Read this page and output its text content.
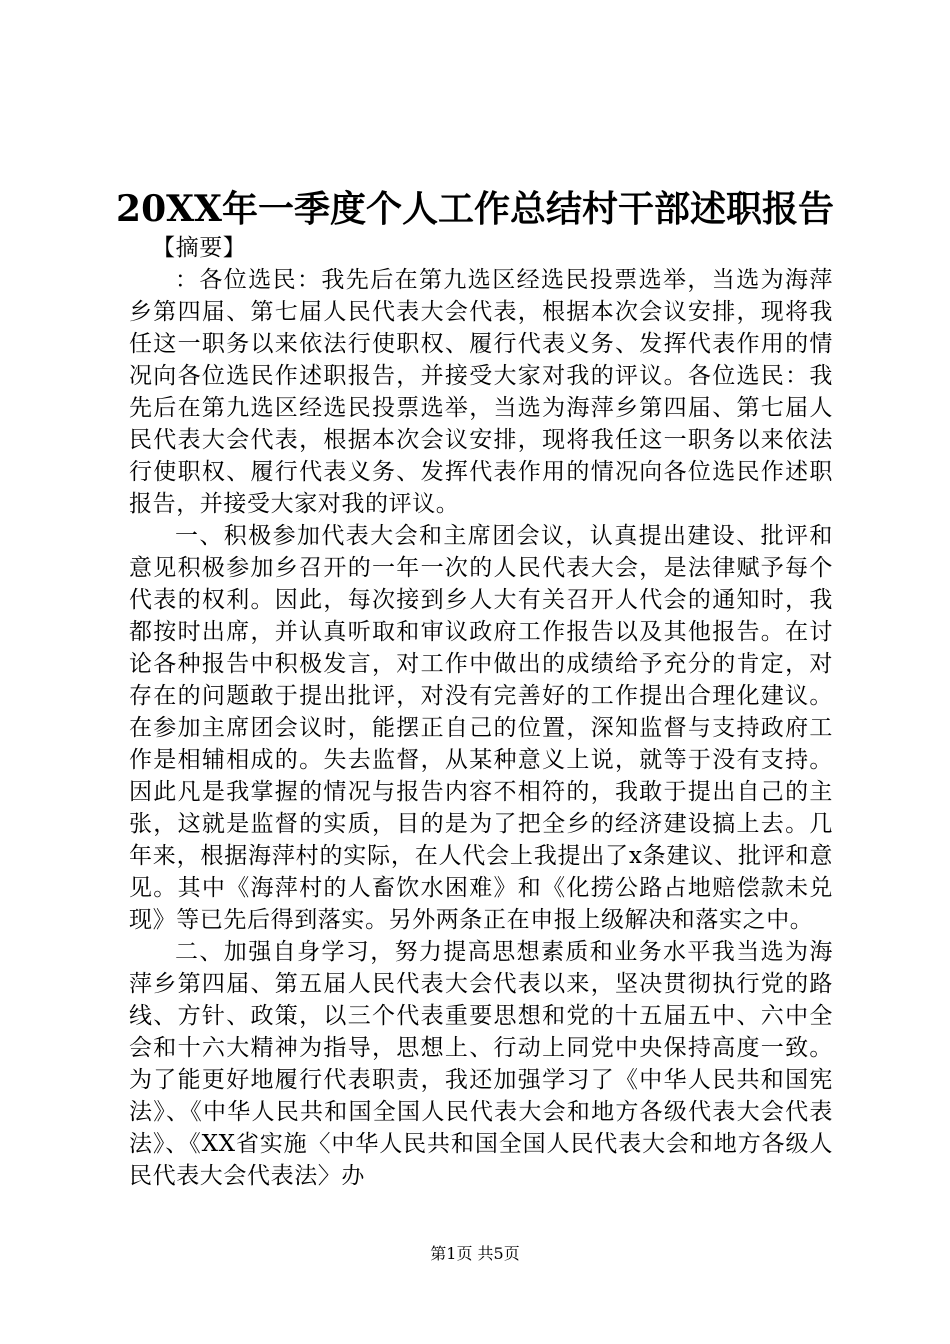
20XX年一季度个人工作总结村干部述职报告

【摘要】

：各位选民：我先后在第九选区经选民投票选举，当选为海萍乡第四届、第七届人民代表大会代表，根据本次会议安排，现将我任这一职务以来依法行使职权、履行代表义务、发挥代表作用的情况向各位选民作述职报告，并接受大家对我的评议。各位选民：我先后在第九选区经选民投票选举，当选为海萍乡第四届、第七届人民代表大会代表，根据本次会议安排，现将我任这一职务以来依法行使职权、履行代表义务、发挥代表作用的情况向各位选民作述职报告，并接受大家对我的评议。

一、积极参加代表大会和主席团会议，认真提出建设、批评和意见积极参加乡召开的一年一次的人民代表大会，是法律赋予每个代表的权利。因此，每次接到乡人大有关召开人代会的通知时，我都按时出席，并认真听取和审议政府工作报告以及其他报告。在讨论各种报告中积极发言，对工作中做出的成绩给予充分的肯定，对存在的问题敢于提出批评，对没有完善好的工作提出合理化建议。在参加主席团会议时，能摆正自己的位置，深知监督与支持政府工作是相辅相成的。失去监督，从某种意义上说，就等于没有支持。因此凡是我掌握的情况与报告内容不相符的，我敢于提出自己的主张，这就是监督的实质，目的是为了把全乡的经济建设搞上去。几年来，根据海萍村的实际，在人代会上我提出了x条建议、批评和意见。其中《海萍村的人畜饮水困难》和《化捞公路占地赔偿款未兑现》等已先后得到落实。另外两条正在申报上级解决和落实之中。

二、加强自身学习，努力提高思想素质和业务水平我当选为海萍乡第四届、第五届人民代表大会代表以来，坚决贯彻执行党的路线、方针、政策，以三个代表重要思想和党的十五届五中、六中全会和十六大精神为指导，思想上、行动上同党中央保持高度一致。为了能更好地履行代表职责，我还加强学习了《中华人民共和国宪法》、《中华人民共和国全国人民代表大会和地方各级代表大会代表法》、《XX省实施〈中华人民共和国全国人民代表大会和地方各级人民代表大会代表法〉办

第1页 共5页
